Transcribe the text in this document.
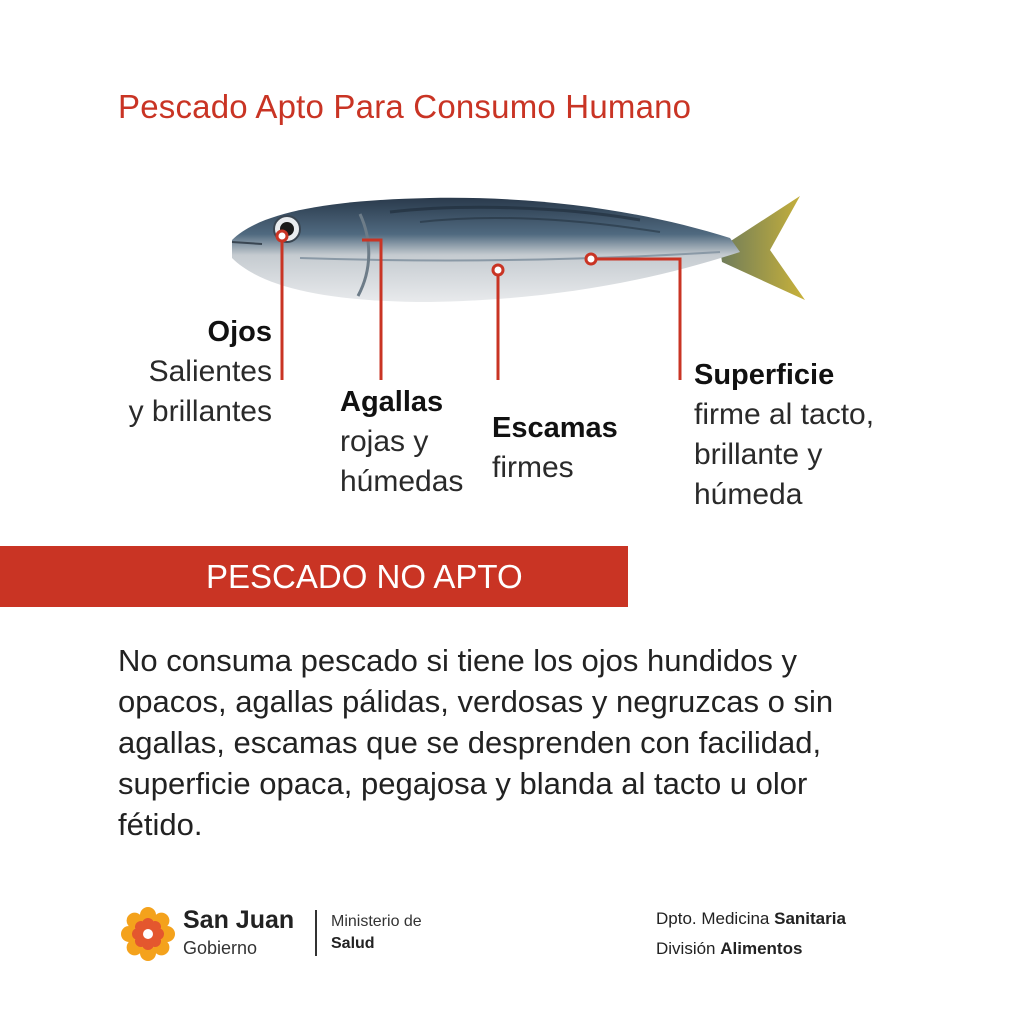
Pescado Apto Para Consumo Humano
Ojos
Salientes
y brillantes Agallas
rojas y
húmedas
Escamas
firmes
Superficie
firme al tacto,
brillante y
húmeda
PESCADO NO APTO
No consuma pescado si tiene los ojos hundidos y opacos, agallas pálidas, verdosas y negruzcas o sin agallas, escamas que se desprenden con facilidad, superficie opaca, pegajosa y blanda al tacto u olor fétido.
San Juan
Gobierno
Ministerio de
Salud
Dpto. Medicina Sanitaria
División Alimentos
